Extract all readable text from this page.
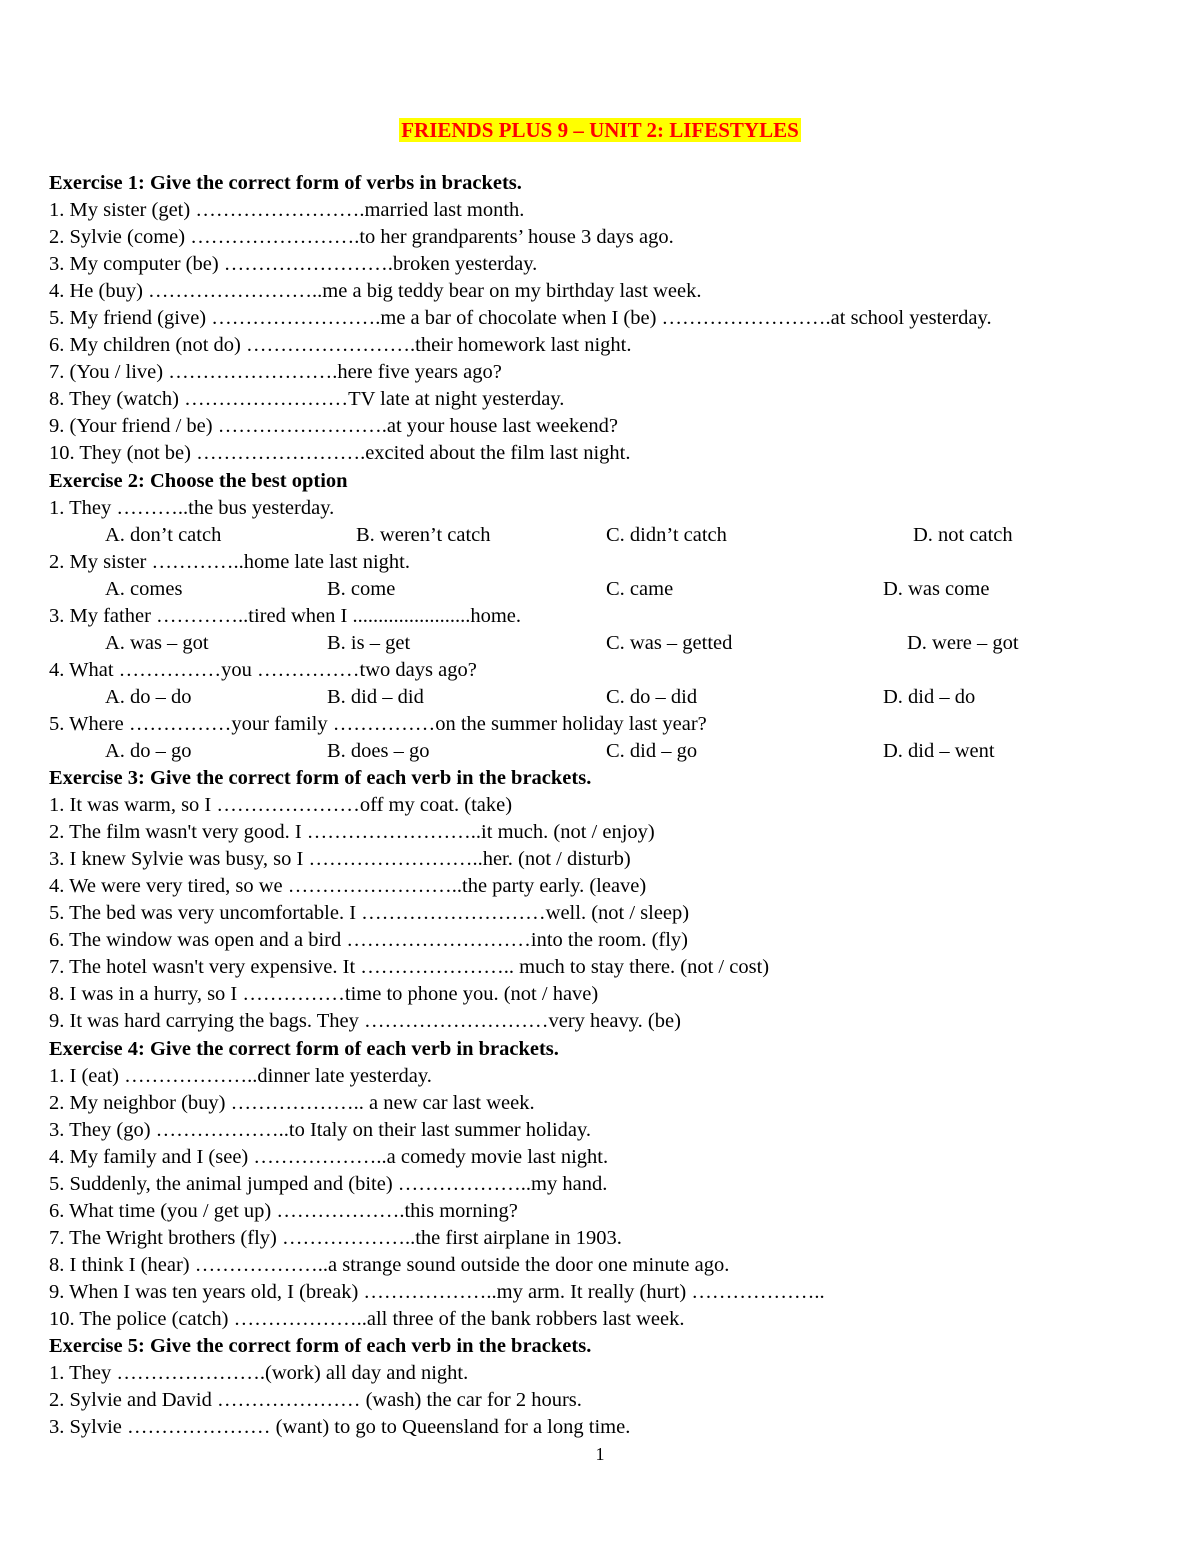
FRIENDS PLUS 9 – UNIT 2: LIFESTYLES
Exercise 1: Give the correct form of verbs in brackets.
1. My sister (get) …………………….married last month.
2. Sylvie (come) …………………….to her grandparents’ house 3 days ago.
3. My computer (be) …………………….broken yesterday.
4. He (buy) ……………………..me a big teddy bear on my birthday last week.
5. My friend (give) …………………….me a bar of chocolate when I (be) …………………….at school yesterday.
6. My children (not do) …………………….their homework last night.
7. (You / live) …………………….here five years ago?
8. They (watch) ……………………TV late at night yesterday.
9. (Your friend / be) …………………….at your house last weekend?
10. They (not be) …………………….excited about the film last night.
Exercise 2: Choose the best option
1. They ………..the bus yesterday.
A. don’t catch	B. weren’t catch	C. didn’t catch	D. not catch
2. My sister …………..home late last night.
A. comes	B. come	C. came	D. was come
3. My father …………..tired when I .......................home.
A. was – got	B. is – get	C. was – getted	D. were – got
4. What ……………you ……………two days ago?
A. do – do	B. did – did	C. do – did	D. did – do
5. Where ……………your family ……………on the summer holiday last year?
A. do – go	B. does – go	C. did – go	D. did – went
Exercise 3: Give the correct form of each verb in the brackets.
1. It was warm, so I …………………off my coat. (take)
2. The film wasn't very good. I ……………………..it much. (not / enjoy)
3. I knew Sylvie was busy, so I ……………………..her. (not / disturb)
4. We were very tired, so we ……………………..the party early. (leave)
5. The bed was very uncomfortable. I ………………………well. (not / sleep)
6. The window was open and a bird ………………………into the room. (fly)
7. The hotel wasn't very expensive. It ………………….. much to stay there. (not / cost)
8. I was in a hurry, so I ……………time to phone you. (not / have)
9. It was hard carrying the bags. They ………………………very heavy. (be)
Exercise 4: Give the correct form of each verb in brackets.
1. I (eat) ………………..dinner late yesterday.
2. My neighbor (buy) ……………….. a new car last week.
3. They (go) ………………..to Italy on their last summer holiday.
4. My family and I (see) ………………..a comedy movie last night.
5. Suddenly, the animal jumped and (bite) ………………..my hand.
6. What time (you / get up) ……………….this morning?
7. The Wright brothers (fly) ………………..the first airplane in 1903.
8. I think I (hear) ………………..a strange sound outside the door one minute ago.
9. When I was ten years old, I (break) ………………..my arm. It really (hurt) ………………..
10. The police (catch) ………………..all three of the bank robbers last week.
Exercise 5: Give the correct form of each verb in the brackets.
1. They ………………….(work) all day and night.
2. Sylvie and David ………………… (wash) the car for 2 hours.
3. Sylvie ………………… (want) to go to Queensland for a long time.
1
